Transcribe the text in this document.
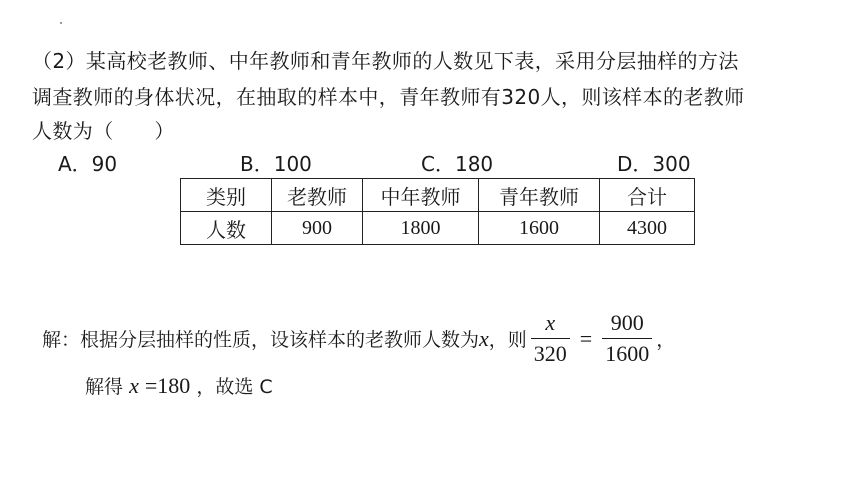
（2）某高校老教师、中年教师和青年教师的人数见下表，采用分层抽样的方法
调查教师的身体状况，在抽取的样本中，青年教师有320人，则该样本的老教师
人数为（　　）
A．90	B．100	C．180	D．300
类别	老教师	中年教师	青年教师	合计
人数	900	1800	1600	4300
解：根据分层抽样的性质，设该样本的老教师人数为 x ，则 $\frac{x}{320} = \frac{900}{1600}$ ，
解得 x =180 ，故选 C
